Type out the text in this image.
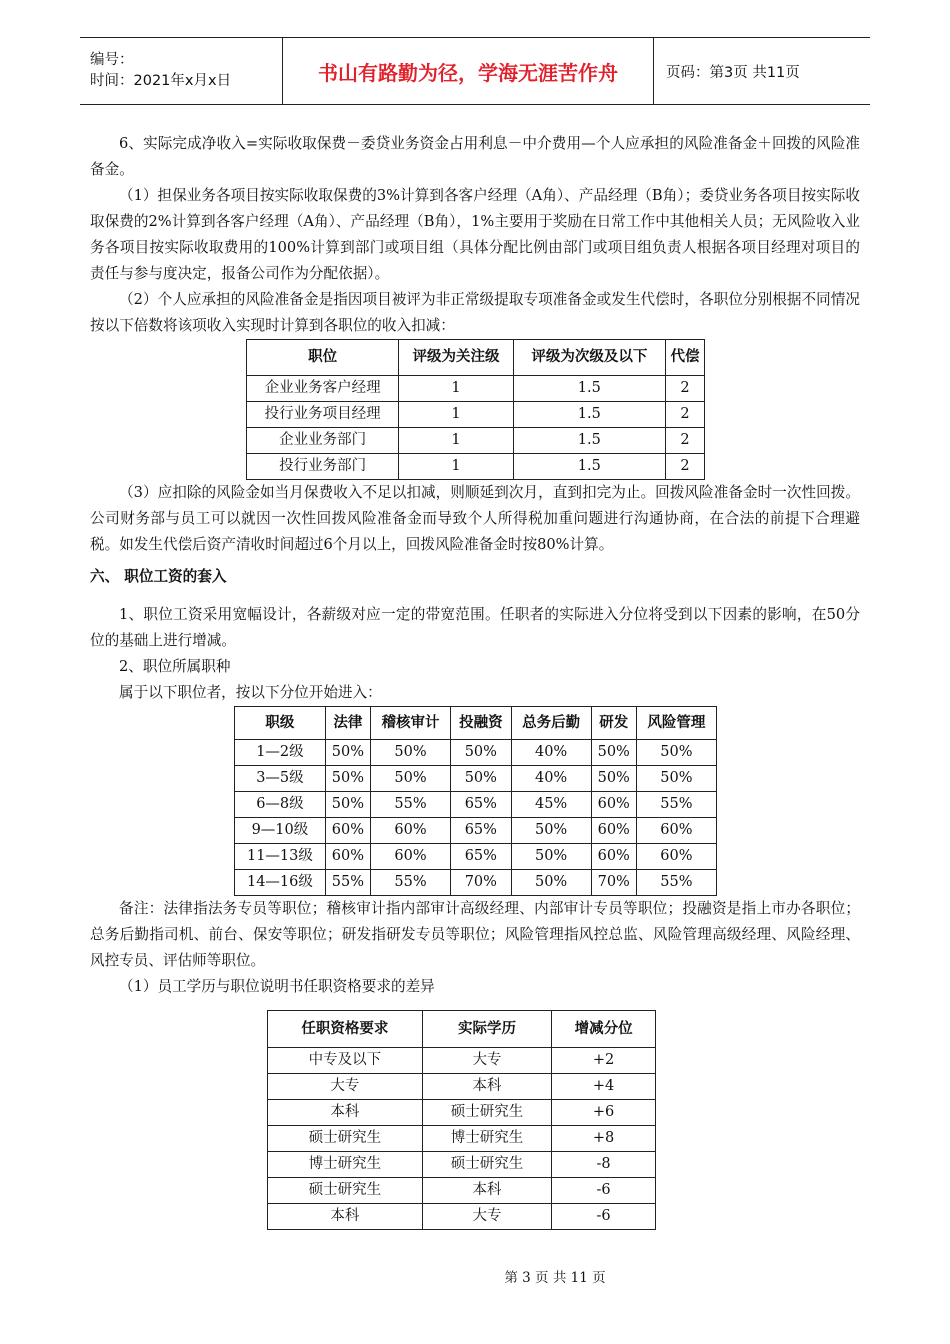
编号：
时间：2021年x月x日	书山有路勤为径，学海无涯苦作舟	页码：第3页 共11页

6、实际完成净收入=实际收取保费－委贷业务资金占用利息－中介费用—个人应承担的风险准备金＋回拨的风险准备金。

（1）担保业务各项目按实际收取保费的3%计算到各客户经理（A角）、产品经理（B角）；委贷业务各项目按实际收取保费的2%计算到各客户经理（A角）、产品经理（B角），1%主要用于奖励在日常工作中其他相关人员；无风险收入业务各项目按实际收取费用的100%计算到部门或项目组（具体分配比例由部门或项目组负责人根据各项目经理对项目的责任与参与度决定，报备公司作为分配依据）。

（2）个人应承担的风险准备金是指因项目被评为非正常级提取专项准备金或发生代偿时，各职位分别根据不同情况按以下倍数将该项收入实现时计算到各职位的收入扣减：

职位	评级为关注级	评级为次级及以下	代偿
企业业务客户经理	1	1.5	2
投行业务项目经理	1	1.5	2
企业业务部门	1	1.5	2
投行业务部门	1	1.5	2

（3）应扣除的风险金如当月保费收入不足以扣减，则顺延到次月，直到扣完为止。回拨风险准备金时一次性回拨。公司财务部与员工可以就因一次性回拨风险准备金而导致个人所得税加重问题进行沟通协商，在合法的前提下合理避税。如发生代偿后资产清收时间超过6个月以上，回拨风险准备金时按80%计算。

六、 职位工资的套入

1、职位工资采用宽幅设计，各薪级对应一定的带宽范围。任职者的实际进入分位将受到以下因素的影响，在50分位的基础上进行增减。

2、职位所属职种

属于以下职位者，按以下分位开始进入：

职级	法律	稽核审计	投融资	总务后勤	研发	风险管理
1—2级	50%	50%	50%	40%	50%	50%
3—5级	50%	50%	50%	40%	50%	50%
6—8级	50%	55%	65%	45%	60%	55%
9—10级	60%	60%	65%	50%	60%	60%
11—13级	60%	60%	65%	50%	60%	60%
14—16级	55%	55%	70%	50%	70%	55%

备注：法律指法务专员等职位；稽核审计指内部审计高级经理、内部审计专员等职位；投融资是指上市办各职位；总务后勤指司机、前台、保安等职位；研发指研发专员等职位；风险管理指风控总监、风险管理高级经理、风险经理、风控专员、评估师等职位。

（1）员工学历与职位说明书任职资格要求的差异

任职资格要求	实际学历	增减分位
中专及以下	大专	+2
大专	本科	+4
本科	硕士研究生	+6
硕士研究生	博士研究生	+8
博士研究生	硕士研究生	-8
硕士研究生	本科	-6
本科	大专	-6
第 3 页 共 11 页
